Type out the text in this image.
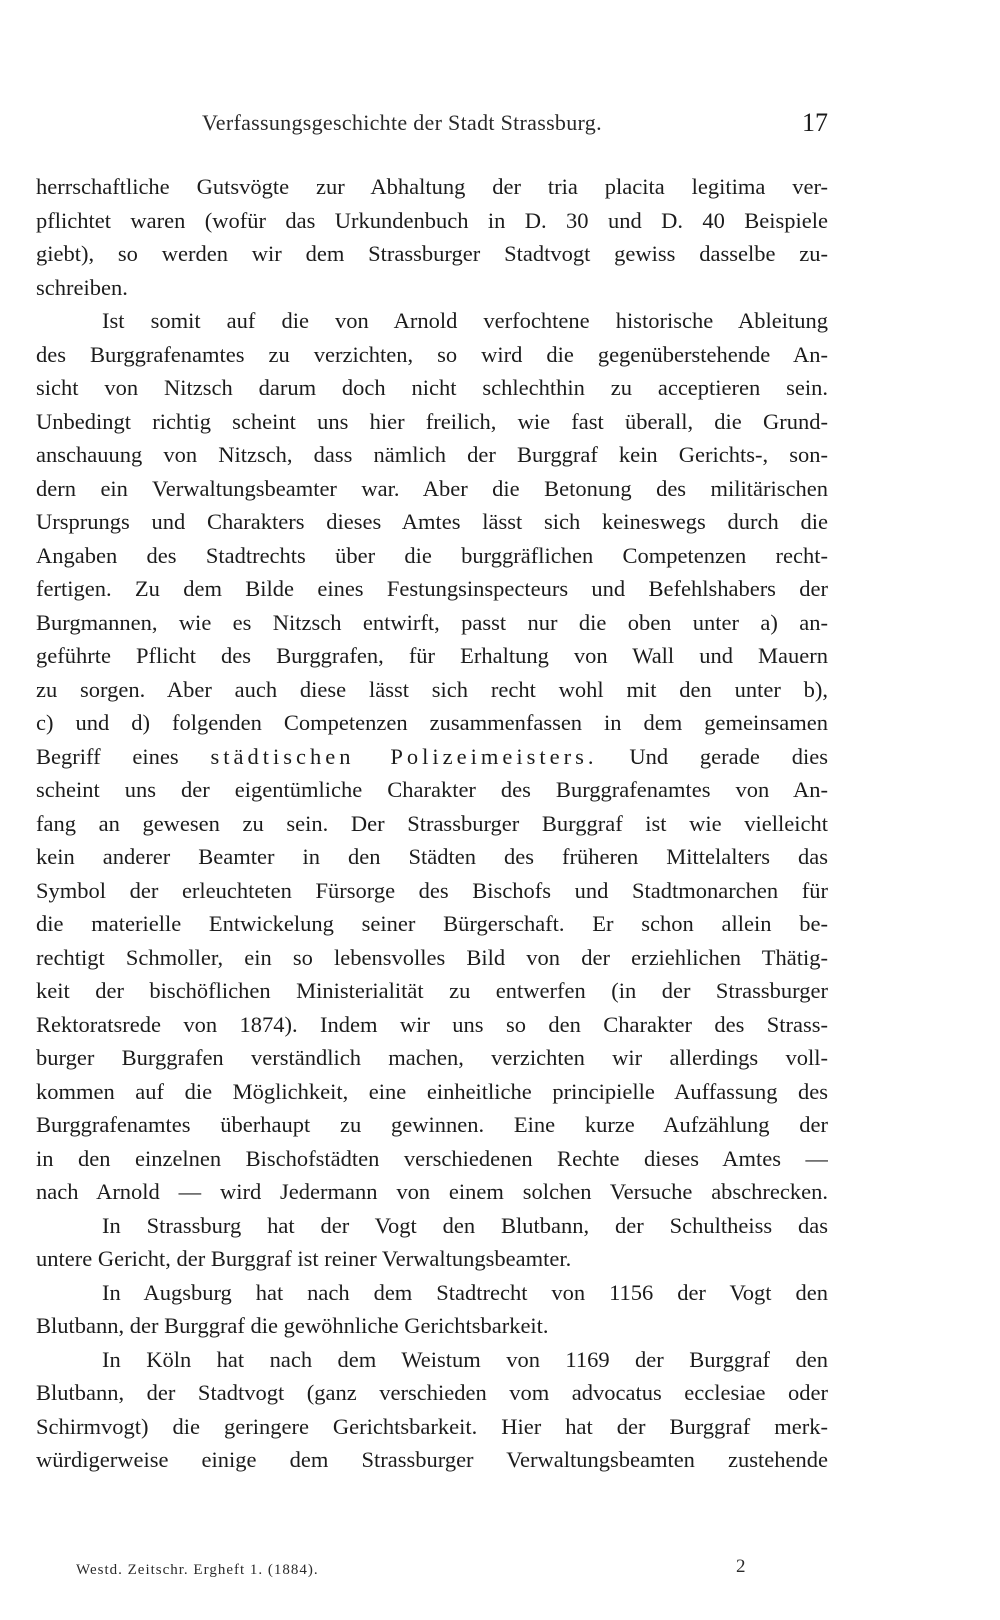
Verfassungsgeschichte der Stadt Strassburg.	17
herrschaftliche Gutsvögte zur Abhaltung der tria placita legitima ver-
pflichtet waren (wofür das Urkundenbuch in D. 30 und D. 40 Beispiele
giebt), so werden wir dem Strassburger Stadtvogt gewiss dasselbe zu-
schreiben.
Ist somit auf die von Arnold verfochtene historische Ableitung
des Burggrafenamtes zu verzichten, so wird die gegenüberstehende An-
sicht von Nitzsch darum doch nicht schlechthin zu acceptieren sein.
Unbedingt richtig scheint uns hier freilich, wie fast überall, die Grund-
anschauung von Nitzsch, dass nämlich der Burggraf kein Gerichts-, son-
dern ein Verwaltungsbeamter war. Aber die Betonung des militärischen
Ursprungs und Charakters dieses Amtes lässt sich keineswegs durch die
Angaben des Stadtrechts über die burggräflichen Competenzen recht-
fertigen. Zu dem Bilde eines Festungsinspecteurs und Befehlshabers der
Burgmannen, wie es Nitzsch entwirft, passt nur die oben unter a) an-
geführte Pflicht des Burggrafen, für Erhaltung von Wall und Mauern
zu sorgen. Aber auch diese lässt sich recht wohl mit den unter b),
c) und d) folgenden Competenzen zusammenfassen in dem gemeinsamen
Begriff eines städtischen Polizeimeisters. Und gerade dies
scheint uns der eigentümliche Charakter des Burggrafenamtes von An-
fang an gewesen zu sein. Der Strassburger Burggraf ist wie vielleicht
kein anderer Beamter in den Städten des früheren Mittelalters das
Symbol der erleuchteten Fürsorge des Bischofs und Stadtmonarchen für
die materielle Entwickelung seiner Bürgerschaft. Er schon allein be-
rechtigt Schmoller, ein so lebensvolles Bild von der erziehlichen Thätig-
keit der bischöflichen Ministerialität zu entwerfen (in der Strassburger
Rektoratsrede von 1874). Indem wir uns so den Charakter des Strass-
burger Burggrafen verständlich machen, verzichten wir allerdings voll-
kommen auf die Möglichkeit, eine einheitliche principielle Auffassung des
Burggrafenamtes überhaupt zu gewinnen. Eine kurze Aufzählung der
in den einzelnen Bischofstädten verschiedenen Rechte dieses Amtes —
nach Arnold — wird Jedermann von einem solchen Versuche abschrecken.
In Strassburg hat der Vogt den Blutbann, der Schultheiss das
untere Gericht, der Burggraf ist reiner Verwaltungsbeamter.
In Augsburg hat nach dem Stadtrecht von 1156 der Vogt den
Blutbann, der Burggraf die gewöhnliche Gerichtsbarkeit.
In Köln hat nach dem Weistum von 1169 der Burggraf den
Blutbann, der Stadtvogt (ganz verschieden vom advocatus ecclesiae oder
Schirmvogt) die geringere Gerichtsbarkeit. Hier hat der Burggraf merk-
würdigerweise einige dem Strassburger Verwaltungsbeamten zustehende
Westd. Zeitschr. Ergheft 1. (1884).	2
